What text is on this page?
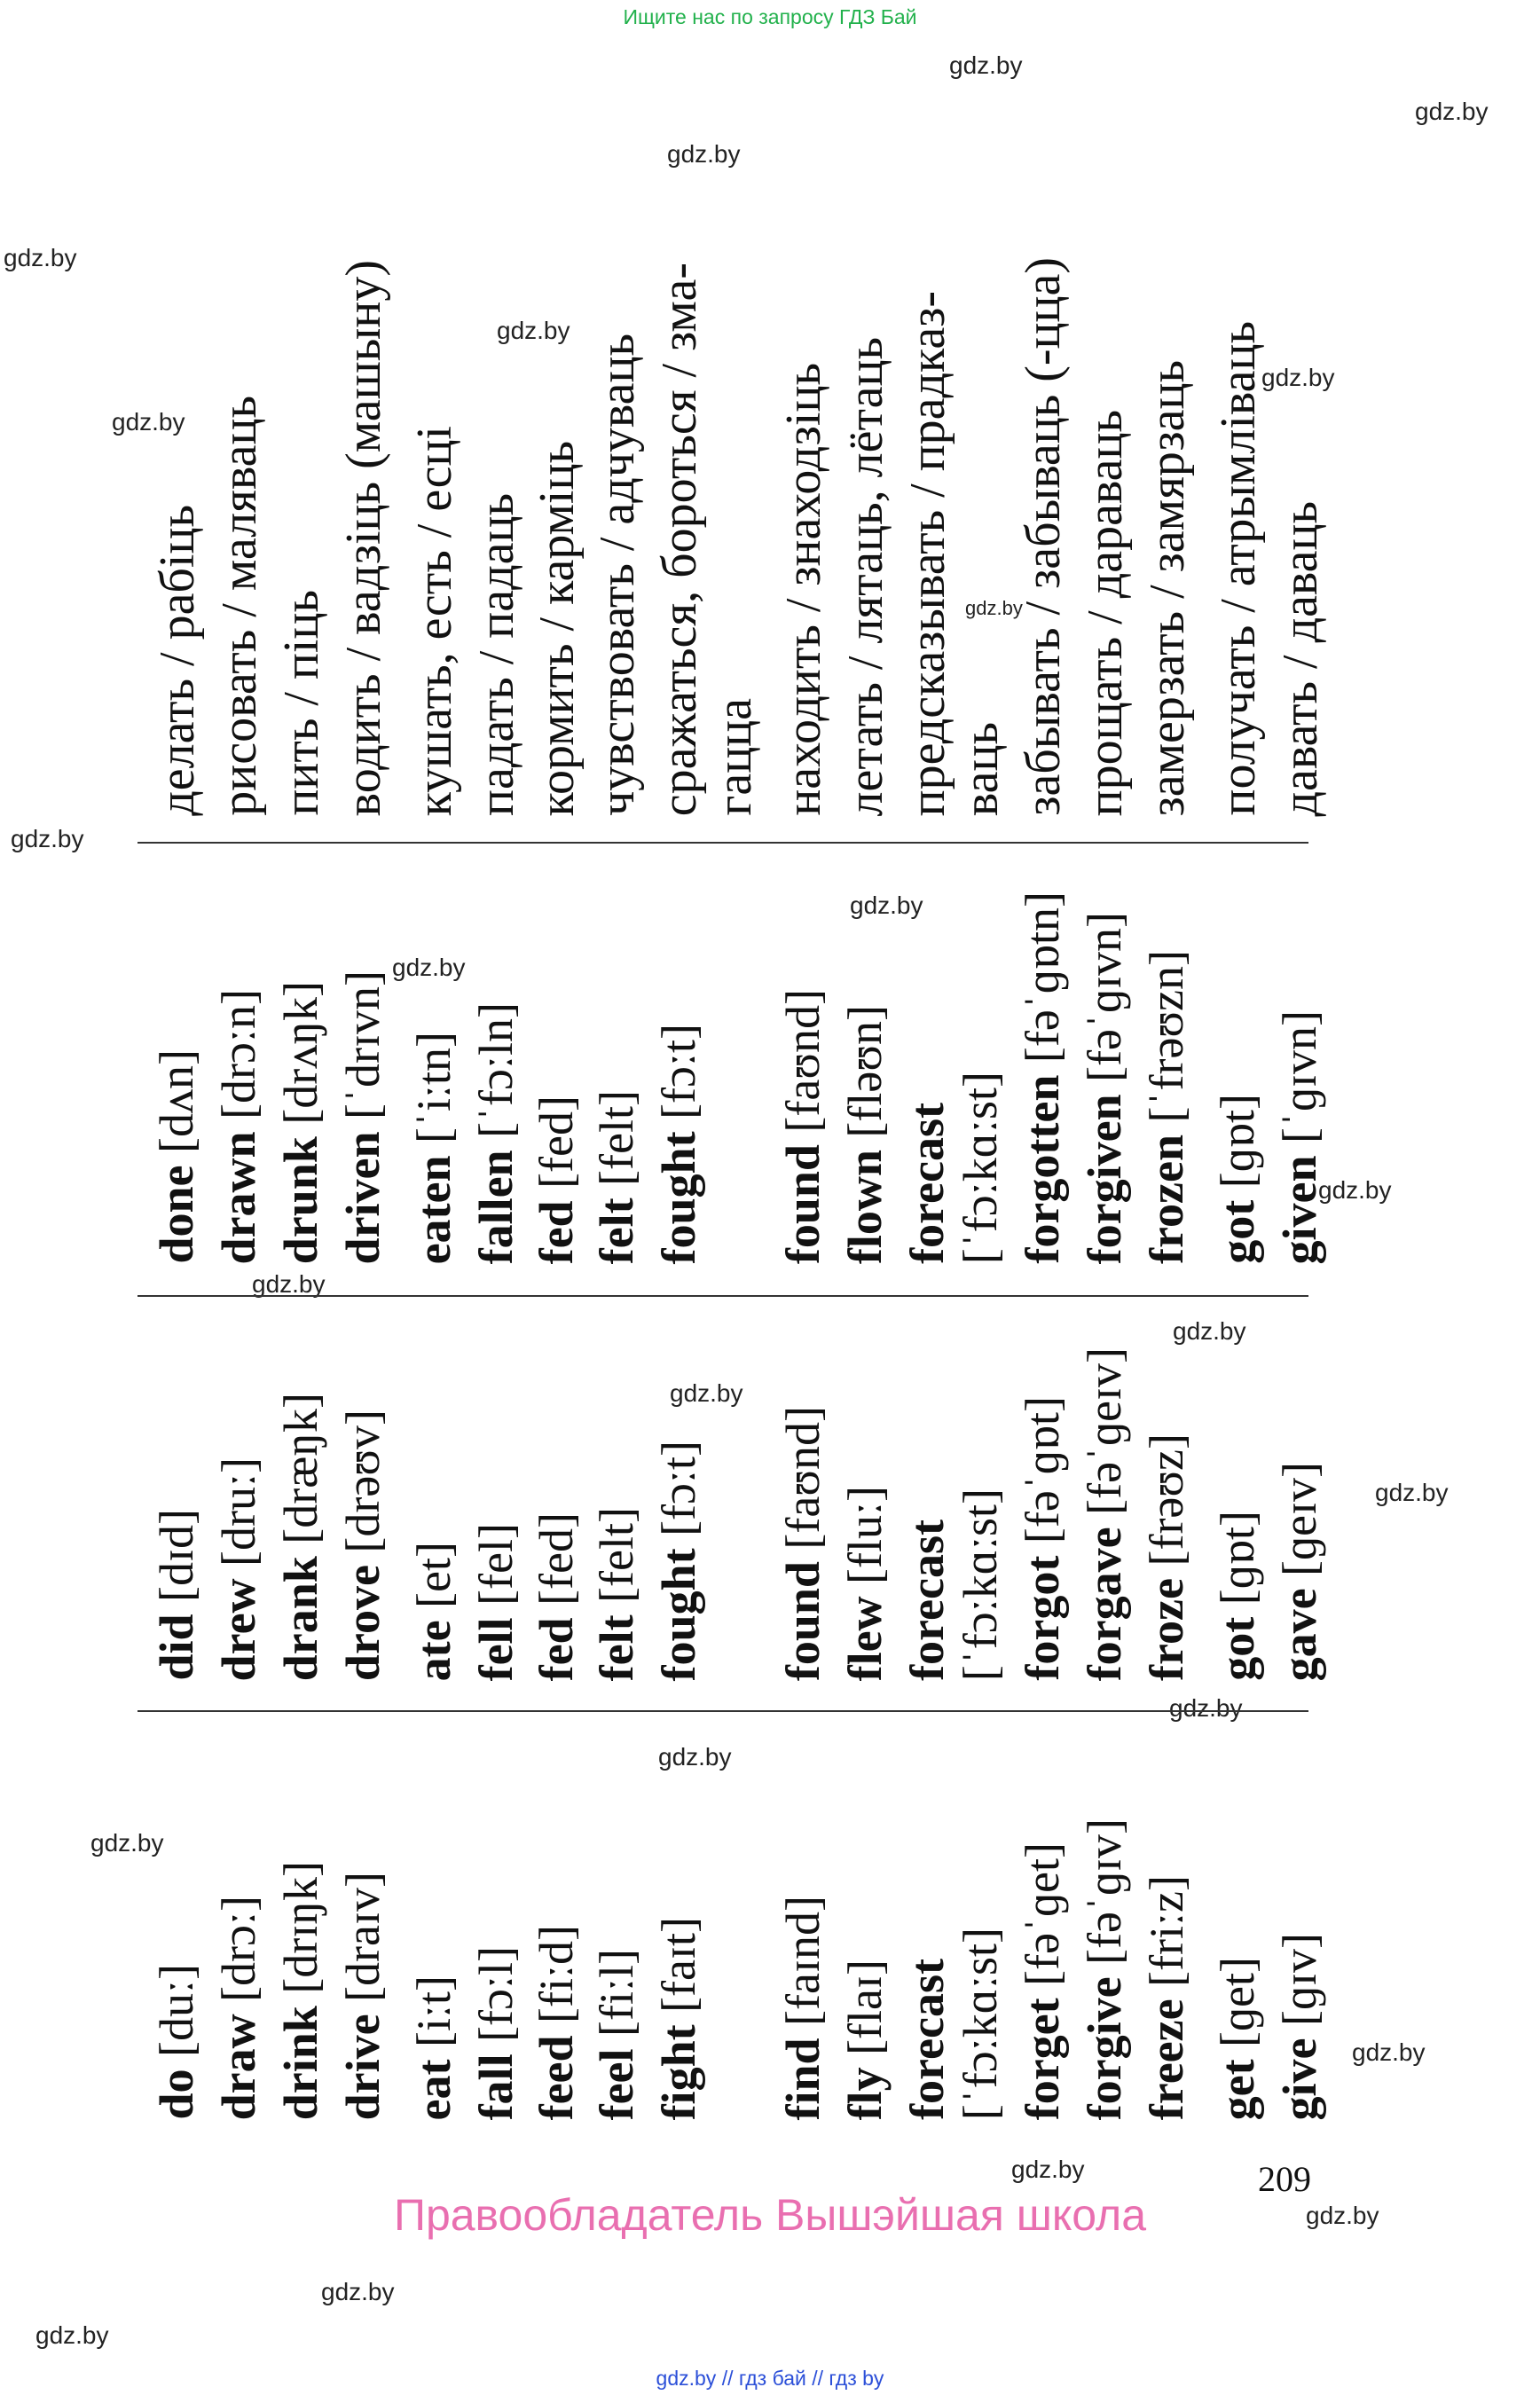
Ищите нас по запросу ГДЗ Бай
gdz.by
gdz.by
gdz.by
gdz.by
gdz.by
gdz.by
gdz.by
gdz.by
gdz.by
gdz.by
gdz.by
gdz.by
gdz.by
gdz.by
gdz.by
gdz.by
gdz.by
gdz.by
gdz.by
gdz.by
gdz.by
gdz.by
gdz.by
gdz.by
do [duː] draw [drɔː]
drink [drɪŋk]
drive [draɪv]
eat [iːt]
fall [fɔːl]
feed [fiːd]
feel [fiːl]
fight [faɪt]
find [faɪnd]
fly [flaɪ] forecast [ˈfɔːkɑːst] forget [fəˈɡet]
forgive [fəˈɡɪv]
freeze [friːz]
get [ɡet]
give [ɡɪv]
did [dɪd]
drew [druː]
drank [dræŋk]
drove [drəʊv]
ate [et]
fell [fel]
fed [fed]
felt [felt] fought [fɔːt]
found [faʊnd]
flew [fluː] forecast [ˈfɔːkɑːst] forgot [fəˈɡɒt]
forgave [fəˈɡeɪv]
froze [frəʊz]
got [ɡɒt]
gave [ɡeɪv]
done [dʌn]
drawn [drɔːn]
drunk [drʌŋk]
driven [ˈdrɪvn]
eaten [ˈiːtn]
fallen [ˈfɔːln]
fed [fed]
felt [felt] fought [fɔːt]
found [faʊnd]
flown [fləʊn]
forecast [ˈfɔːkɑːst] forgotten [fəˈɡɒtn]
forgiven [fəˈɡɪvn]
frozen [ˈfrəʊzn]
got [ɡɒt]
given [ˈɡɪvn]
делать / рабіць рисовать / маляваць пить / піць водить / вадзіць (машыну) кушать, есть / есці падать / падаць кормить / карміць чувствовать / адчуваць сражаться, бороться / зма- гацца находить / знаходзіць летать / лятаць, лётаць предсказывать / прадказ-
ваць забывать / забываць (-цца) прощать / дараваць замерзать / замярзаць получать / атрымліваць давать / даваць
209
Правообладатель Вышэйшая школа
gdz.by // гдз бай // гдз by
